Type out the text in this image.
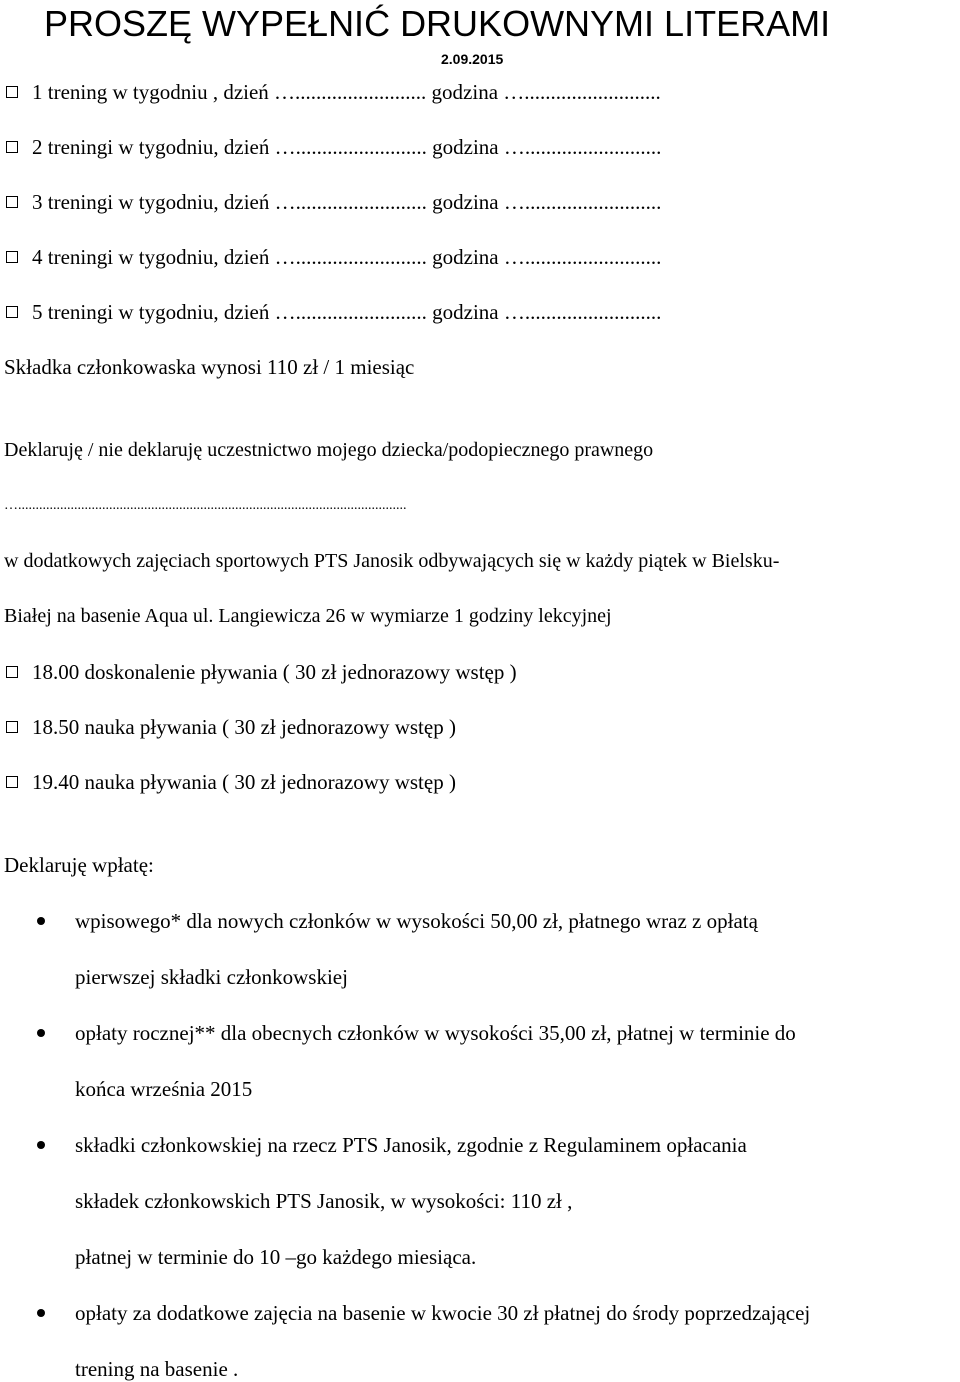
PROSZĘ WYPEŁNIĆ DRUKOWNYMI LITERAMI
2.09.2015
1 trening w tygodniu , dzień …......................... godzina …..........................
2 treningi w tygodniu, dzień …......................... godzina …..........................
3 treningi w tygodniu, dzień …......................... godzina …..........................
4 treningi w tygodniu, dzień …......................... godzina …..........................
5 treningi w tygodniu, dzień …......................... godzina …..........................
Składka członkowaska wynosi 110 zł / 1 miesiąc
Deklaruję / nie deklaruję uczestnictwo mojego dziecka/podopiecznego prawnego
…...............................................................................................................
w dodatkowych zajęciach sportowych PTS Janosik odbywających się w każdy piątek w Bielsku-
Białej na basenie Aqua ul. Langiewicza 26 w wymiarze 1 godziny lekcyjnej
18.00 doskonalenie pływania ( 30 zł jednorazowy wstęp )
18.50 nauka pływania ( 30 zł jednorazowy wstęp )
19.40 nauka pływania ( 30 zł jednorazowy wstęp )
Deklaruję wpłatę:
wpisowego* dla nowych członków w wysokości 50,00 zł, płatnego wraz z opłatą
pierwszej składki członkowskiej
opłaty rocznej** dla obecnych członków w wysokości 35,00 zł, płatnej w terminie do
końca września 2015
składki członkowskiej na rzecz PTS Janosik, zgodnie z Regulaminem opłacania
składek członkowskich PTS Janosik, w wysokości: 110 zł ,
płatnej w terminie do 10 –go każdego miesiąca.
opłaty za dodatkowe zajęcia na basenie w kwocie 30 zł płatnej do środy poprzedzającej
trening na basenie .
